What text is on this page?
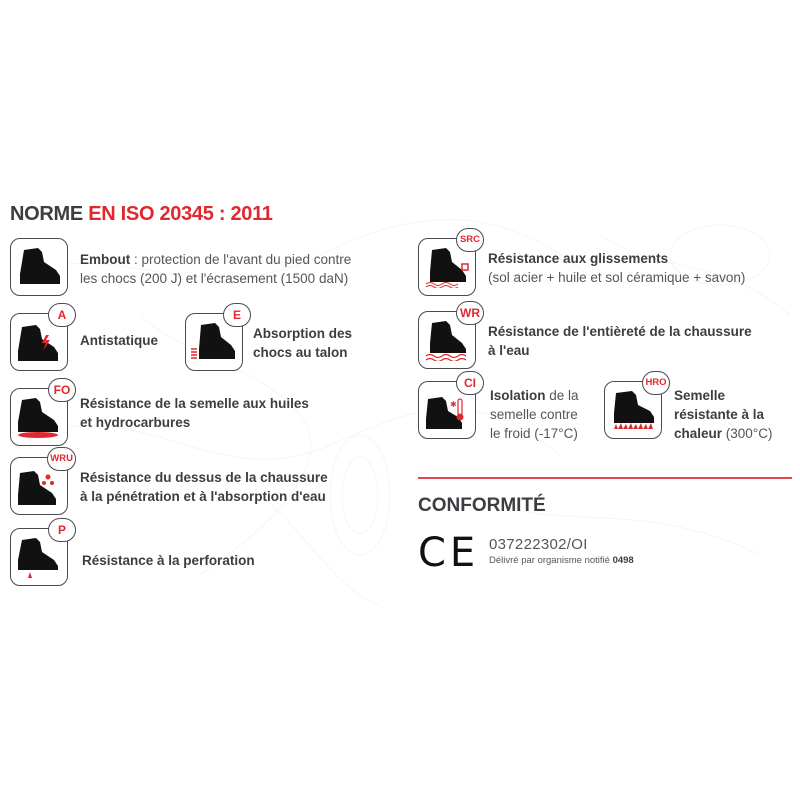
NORME EN ISO 20345 : 2011
Embout : protection de l'avant du pied contre
les chocs (200 J) et l'écrasement (1500 daN)
A
Antistatique
E
Absorption des
chocs au talon
FO
Résistance de la semelle aux huiles
et hydrocarbures
WRU
Résistance du dessus de la chaussure
à la pénétration et à l'absorption d'eau
P
Résistance à la perforation
SRC
Résistance aux glissements
(sol acier + huile et sol céramique + savon)
WR
Résistance de l'entièreté de la chaussure
à l'eau
✱
CI
Isolation de la
semelle contre
le froid (-17°C)
HRO
Semelle
résistante à la
chaleur (300°C)
CONFORMITÉ
CE 037222302/OI
Délivré par organisme notifié 0498
